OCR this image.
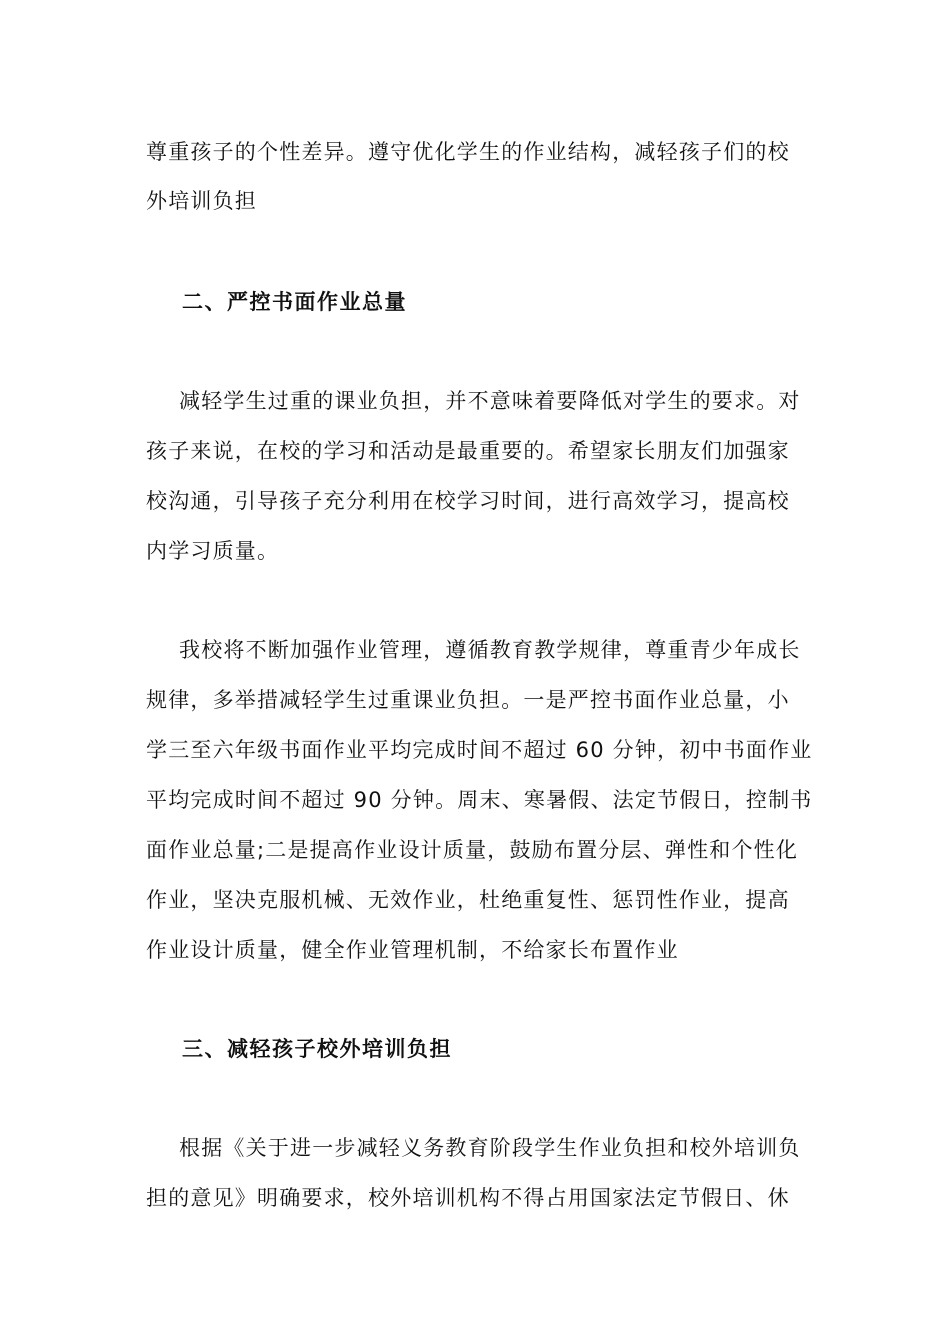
尊重孩子的个性差异。遵守优化学生的作业结构，减轻孩子们的校
外培训负担
二、严控书面作业总量
减轻学生过重的课业负担，并不意味着要降低对学生的要求。对
孩子来说，在校的学习和活动是最重要的。希望家长朋友们加强家
校沟通，引导孩子充分利用在校学习时间，进行高效学习，提高校
内学习质量。
我校将不断加强作业管理，遵循教育教学规律，尊重青少年成长
规律，多举措减轻学生过重课业负担。一是严控书面作业总量，小
学三至六年级书面作业平均完成时间不超过 60 分钟，初中书面作业
平均完成时间不超过 90 分钟。周末、寒暑假、法定节假日，控制书
面作业总量;二是提高作业设计质量，鼓励布置分层、弹性和个性化
作业，坚决克服机械、无效作业，杜绝重复性、惩罚性作业，提高
作业设计质量，健全作业管理机制，不给家长布置作业
三、减轻孩子校外培训负担
根据《关于进一步减轻义务教育阶段学生作业负担和校外培训负
担的意见》明确要求，校外培训机构不得占用国家法定节假日、休
